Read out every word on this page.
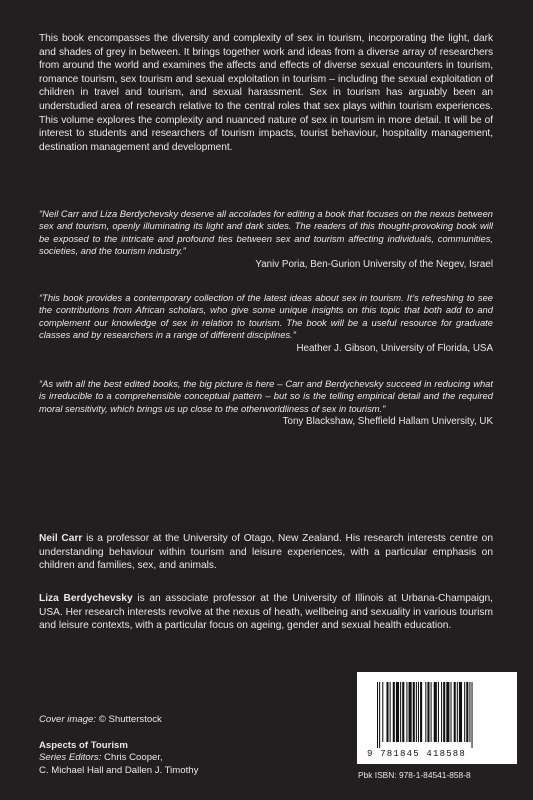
This book encompasses the diversity and complexity of sex in tourism, incorporating the light, dark and shades of grey in between. It brings together work and ideas from a diverse array of researchers from around the world and examines the affects and effects of diverse sexual encounters in tourism, romance tourism, sex tourism and sexual exploitation in tourism – including the sexual exploitation of children in travel and tourism, and sexual harassment. Sex in tourism has arguably been an understudied area of research relative to the central roles that sex plays within tourism experiences. This volume explores the complexity and nuanced nature of sex in tourism in more detail. It will be of interest to students and researchers of tourism impacts, tourist behaviour, hospitality management, destination management and development.

“Neil Carr and Liza Berdychevsky deserve all accolades for editing a book that focuses on the nexus between sex and tourism, openly illuminating its light and dark sides. The readers of this thought-provoking book will be exposed to the intricate and profound ties between sex and tourism affecting individuals, communities, societies, and the tourism industry.”

Yaniv Poria, Ben-Gurion University of the Negev, Israel

“This book provides a contemporary collection of the latest ideas about sex in tourism. It’s refreshing to see the contributions from African scholars, who give some unique insights on this topic that both add to and complement our knowledge of sex in relation to tourism. The book will be a useful resource for graduate classes and by researchers in a range of different disciplines.”

Heather J. Gibson, University of Florida, USA

“As with all the best edited books, the big picture is here – Carr and Berdychevsky succeed in reducing what is irreducible to a comprehensible conceptual pattern – but so is the telling empirical detail and the required moral sensitivity, which brings us up close to the otherworldliness of sex in tourism.”

Tony Blackshaw, Sheffield Hallam University, UK

Neil Carr is a professor at the University of Otago, New Zealand. His research interests centre on understanding behaviour within tourism and leisure experiences, with a particular emphasis on children and families, sex, and animals.

Liza Berdychevsky is an associate professor at the University of Illinois at Urbana-Champaign, USA. Her research interests revolve at the nexus of heath, wellbeing and sexuality in various tourism and leisure contexts, with a particular focus on ageing, gender and sexual health education.

Cover image: © Shutterstock
Aspects of Tourism
Series Editors: Chris Cooper,
C. Michael Hall and Dallen J. Timothy
9 781845 418588
Pbk ISBN: 978-1-84541-858-8
